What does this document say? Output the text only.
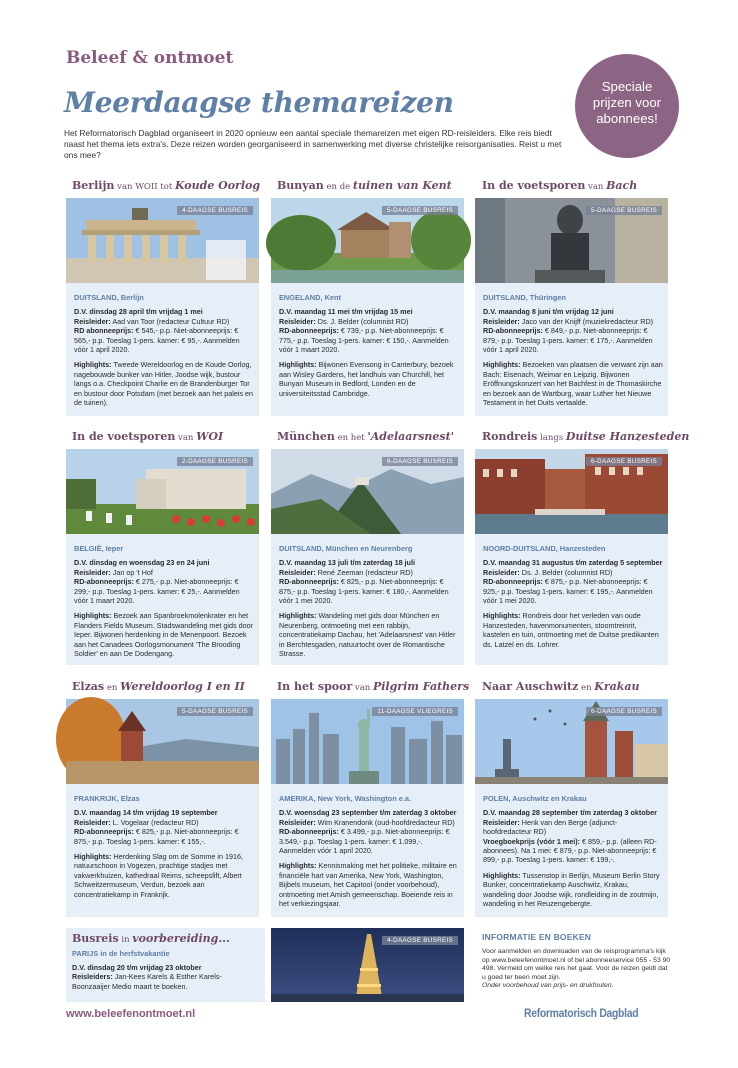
Beleef & ontmoet
Meerdaagse themareizen
Het Reformatorisch Dagblad organiseert in 2020 opnieuw een aantal speciale themareizen met eigen RD-reisleiders. Elke reis biedt naast het thema iets extra's. Deze reizen worden georganiseerd in samenwerking met diverse christelijke reisorganisaties. Reist u met ons mee?
Speciale
prijzen voor
abonnees!
Berlijn van WOII tot Koude Oorlog
4-DAAGSE BUSREIS
DUITSLAND, Berlijn
D.V. dinsdag 28 april t/m vrijdag 1 mei
Reisleider: Aad van Toor (redacteur Cultuur RD)
RD abonneeprijs: € 545,- p.p. Niet-abonneeprijs: € 565,- p.p. Toeslag 1-pers. kamer: € 95,-. Aanmelden vóór 1 april 2020.
Highlights: Tweede Wereldoorlog en de Koude Oorlog, nagebouwde bunker van Hitler, Joodse wijk, bustour langs o.a. Checkpoint Charlie en de Brandenburger Tor en bustour door Potsdam (met bezoek aan het paleis en de tuinen).
Bunyan en de tuinen van Kent
5-DAAGSE BUSREIS
ENGELAND, Kent
D.V. maandag 11 mei t/m vrijdag 15 mei
Reisleider: Ds. J. Belder (columnist RD)
RD-abonneeprijs: € 739,- p.p. Niet-abonneeprijs: € 775,- p.p. Toeslag 1-pers. kamer: € 150,-. Aanmelden vóór 1 maart 2020.
Highlights: Bijwonen Evensong in Canterbury, bezoek aan Wisley Gardens, het landhuis van Churchill, het Bunyan Museum in Bedford, Londen en de universiteitsstad Cambridge.
In de voetsporen van Bach
5-DAAGSE BUSREIS
DUITSLAND, Thüringen
D.V. maandag 8 juni t/m vrijdag 12 juni
Reisleider: Jaco van der Knijff (muziekredacteur RD)
RD-abonneeprijs: € 849,- p.p. Niet-abonneeprijs: € 879,- p.p. Toeslag 1-pers. kamer: € 175,-. Aanmelden vóór 1 april 2020.
Highlights: Bezoeken van plaatsen die verwant zijn aan Bach: Eisenach, Weimar en Leipzig. Bijwonen Eröffnungskonzert van het Bachfest in de Thomaskirche en bezoek aan de Wartburg, waar Luther het Nieuwe Testament in het Duits vertaalde.
In de voetsporen van WOI
2-DAAGSE BUSREIS
BELGIË, Ieper
D.V. dinsdag en woensdag 23 en 24 juni
Reisleider: Jan op 't Hof
RD-abonneeprijs: € 275,- p.p. Niet-abonneeprijs: € 299,- p.p. Toeslag 1-pers. kamer: € 25,-. Aanmelden vóór 1 maart 2020.
Highlights: Bezoek aan Spanbroekmolenkrater en het Flanders Fields Museum. Stadswandeling met gids door Ieper. Bijwonen herdenking in de Menenpoort. Bezoek aan het Canadees Oorlogsmonument 'The Brooding Soldier' en aan De Dodengang.
München en het 'Adelaarsnest'
6-DAAGSE BUSREIS
DUITSLAND, München en Neurenberg
D.V. maandag 13 juli t/m zaterdag 18 juli
Reisleider: René Zeeman (redacteur RD)
RD-abonneeprijs: € 825,- p.p. Niet-abonneeprijs: € 875,- p.p. Toeslag 1-pers. kamer: € 180,-. Aanmelden vóór 1 mei 2020.
Highlights: Wandeling met gids door München en Neurenberg, ontmoeting met een rabbijn, concentratiekamp Dachau, het 'Adelaarsnest' van Hitler in Berchtesgaden, natuurtocht over de Romantische Strasse.
Rondreis langs Duitse Hanzesteden
6-DAAGSE BUSREIS
NOORD-DUITSLAND, Hanzesteden
D.V. maandag 31 augustus t/m zaterdag 5 september
Reisleider: Ds. J. Belder (columnist RD)
RD-abonneeprijs: € 875,- p.p. Niet-abonneeprijs: € 925,- p.p. Toeslag 1-pers. kamer: € 195,-. Aanmelden vóór 1 mei 2020.
Highlights: Rondreis door het verleden van oude Hanzesteden, havenmonumenten, stoomtreinrit, kastelen en tuin, ontmoeting met de Duitse predikanten ds. Latzel en ds. Lohrer.
Elzas en Wereldoorlog I en II
5-DAAGSE BUSREIS
FRANKRIJK, Elzas
D.V. maandag 14 t/m vrijdag 19 september
Reisleider: L. Vogelaar (redacteur RD)
RD-abonneeprijs: € 825,- p.p. Niet-abonneeprijs: € 875,- p.p. Toeslag 1-pers. kamer: € 155,-.
Highlights: Herdenking Slag om de Somme in 1916, natuurschoon in Vogezen, prachtige stadjes met vakwerkhuizen, kathedraal Reims, scheepslift, Albert Schweitzermuseum, Verdun, bezoek aan concentratiekamp in Frankrijk.
In het spoor van Pilgrim Fathers
11-DAAGSE VLIEGREIS
AMERIKA, New York, Washington e.a.
D.V. woensdag 23 september t/m zaterdag 3 oktober
Reisleider: Wim Kranendonk (oud-hoofdredacteur RD)
RD-abonneeprijs: € 3.499,- p.p. Niet-abonneeprijs: € 3.549,- p.p. Toeslag 1-pers. kamer: € 1.099,-. Aanmelden vóór 1 april 2020.
Highlights: Kennismaking met het politieke, militaire en financiële hart van Amerika, New York, Washington, Bijbels museum, het Capitool (onder voorbehoud), ontmoeting met Amish gemeenschap. Boeiende reis in het verkiezingsjaar.
Naar Auschwitz en Krakau
6-DAAGSE BUSREIS
POLEN, Auschwitz en Krakau
D.V. maandag 28 september t/m zaterdag 3 oktober
Reisleider: Henk van den Berge (adjunct-hoofdredacteur RD)
Vroegboekprijs (vóór 1 mei): € 859,- p.p. (alleen RD-abonnees). Na 1 mei: € 879,- p.p. Niet-abonneeprijs: € 899,- p.p. Toeslag 1-pers. kamer: € 199,-.
Highlights: Tussenstop in Berlijn, Museum Berlin Story Bunker, concentratiekamp Auschwitz, Krakau, wandeling door Joodse wijk, rondleiding in de zoutmijn, wandeling in het Reuzengebergte.
Busreis in voorbereiding...
PARIJS in de herfstvakantie
D.V. dinsdag 20 t/m vrijdag 23 oktober
Reisleiders: Jan-Kees Karels & Esther Karels-Boonzaaijer Medio maart te boeken.
4-DAAGSE BUSREIS	INFORMATIE EN BOEKEN
Voor aanmelden en downloaden van de reisprogramma's kijk op www.beleefenontmoet.nl of bel abonneeservice 055 - 53 90 498. Vermeld om welke reis het gaat. Voor de reizen geldt dat u goed ter been moet zijn.
Onder voorbehoud van prijs- en drukfouten.
www.beleefenontmoet.nl	Reformatorisch Dagblad
